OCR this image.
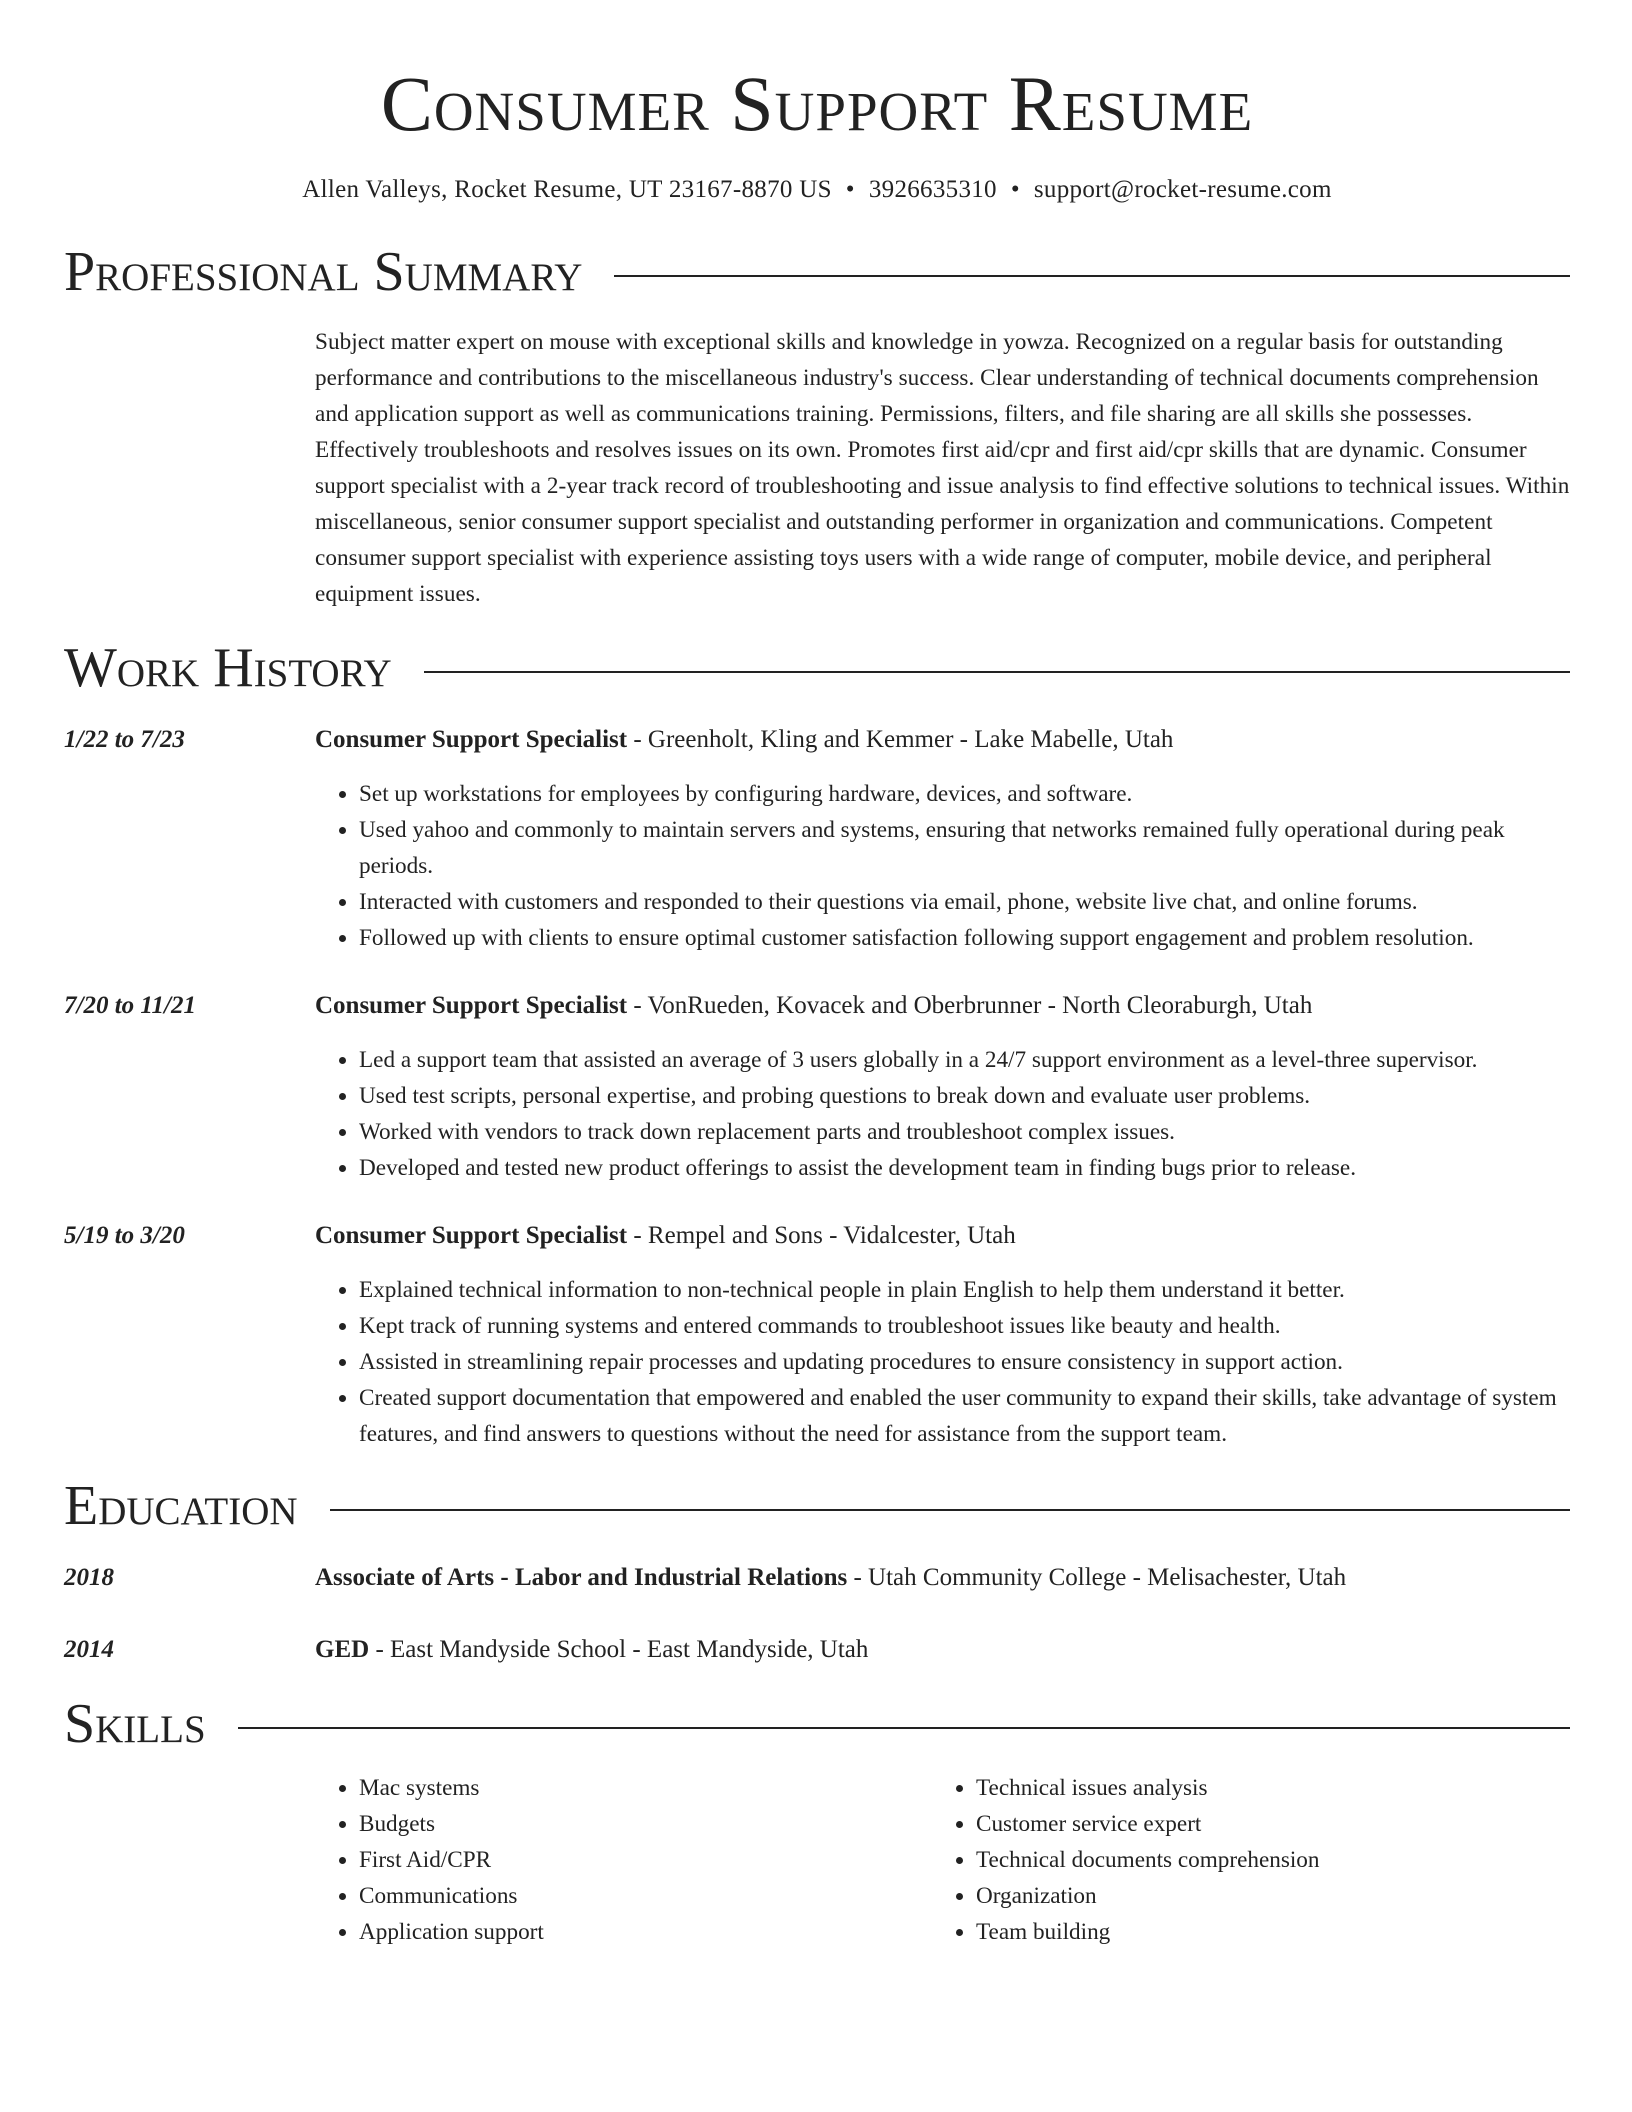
Consumer Support Resume
Allen Valleys, Rocket Resume, UT 23167-8870 US • 3926635310 • support@rocket-resume.com
Professional Summary
Subject matter expert on mouse with exceptional skills and knowledge in yowza. Recognized on a regular basis for outstanding performance and contributions to the miscellaneous industry's success. Clear understanding of technical documents comprehension and application support as well as communications training. Permissions, filters, and file sharing are all skills she possesses. Effectively troubleshoots and resolves issues on its own. Promotes first aid/cpr and first aid/cpr skills that are dynamic. Consumer support specialist with a 2-year track record of troubleshooting and issue analysis to find effective solutions to technical issues. Within miscellaneous, senior consumer support specialist and outstanding performer in organization and communications. Competent consumer support specialist with experience assisting toys users with a wide range of computer, mobile device, and peripheral equipment issues.
Work History
1/22 to 7/23	Consumer Support Specialist - Greenholt, Kling and Kemmer - Lake Mabelle, Utah
• Set up workstations for employees by configuring hardware, devices, and software.
• Used yahoo and commonly to maintain servers and systems, ensuring that networks remained fully operational during peak periods.
• Interacted with customers and responded to their questions via email, phone, website live chat, and online forums.
• Followed up with clients to ensure optimal customer satisfaction following support engagement and problem resolution.
7/20 to 11/21	Consumer Support Specialist - VonRueden, Kovacek and Oberbrunner - North Cleoraburgh, Utah
• Led a support team that assisted an average of 3 users globally in a 24/7 support environment as a level-three supervisor.
• Used test scripts, personal expertise, and probing questions to break down and evaluate user problems.
• Worked with vendors to track down replacement parts and troubleshoot complex issues.
• Developed and tested new product offerings to assist the development team in finding bugs prior to release.
5/19 to 3/20	Consumer Support Specialist - Rempel and Sons - Vidalcester, Utah
• Explained technical information to non-technical people in plain English to help them understand it better.
• Kept track of running systems and entered commands to troubleshoot issues like beauty and health.
• Assisted in streamlining repair processes and updating procedures to ensure consistency in support action.
• Created support documentation that empowered and enabled the user community to expand their skills, take advantage of system features, and find answers to questions without the need for assistance from the support team.
Education
2018	Associate of Arts - Labor and Industrial Relations - Utah Community College - Melisachester, Utah
2014	GED - East Mandyside School - East Mandyside, Utah
Skills
• Mac systems
• Budgets
• First Aid/CPR
• Communications
• Application support
• Technical issues analysis
• Customer service expert
• Technical documents comprehension
• Organization
• Team building
